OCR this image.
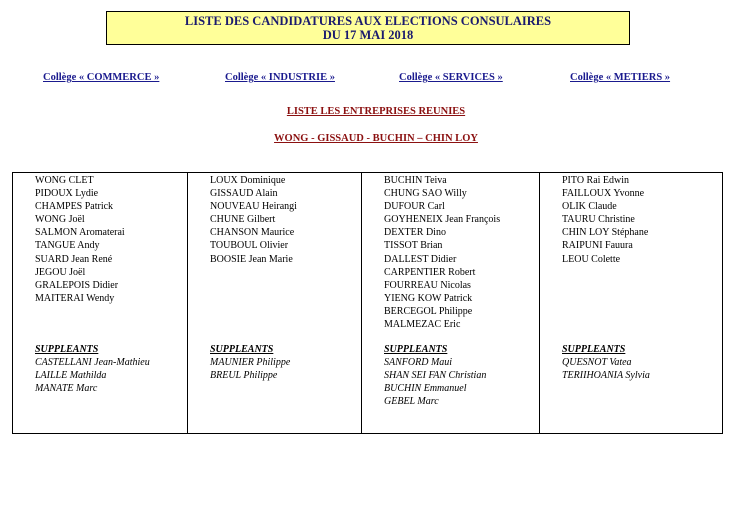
LISTE DES CANDIDATURES AUX ELECTIONS CONSULAIRES
DU 17 MAI 2018
Collège « COMMERCE »	Collège « INDUSTRIE »	Collège « SERVICES »	Collège « METIERS »
LISTE LES ENTREPRISES REUNIES
WONG - GISSAUD - BUCHIN – CHIN LOY
WONG CLET
PIDOUX Lydie
CHAMPES Patrick
WONG Joël
SALMON Aromaterai
TANGUE Andy
SUARD Jean René
JEGOU Joël
GRALEPOIS Didier
MAITERAI Wendy
SUPPLEANTS
CASTELLANI Jean-Mathieu
LAILLE Mathilda
MANATE Marc
LOUX Dominique
GISSAUD Alain
NOUVEAU Heirangi
CHUNE Gilbert
CHANSON Maurice
TOUBOUL Olivier
BOOSIE Jean Marie
SUPPLEANTS
MAUNIER Philippe
BREUL Philippe
BUCHIN Teiva
CHUNG SAO Willy
DUFOUR Carl
GOYHENEIX Jean François
DEXTER Dino
TISSOT Brian
DALLEST Didier
CARPENTIER Robert
FOURREAU Nicolas
YIENG KOW Patrick
BERCEGOL Philippe
MALMEZAC Eric
SUPPLEANTS
SANFORD Maui
SHAN SEI FAN Christian
BUCHIN Emmanuel
GEBEL Marc
PITO Rai Edwin
FAILLOUX Yvonne
OLIK Claude
TAURU Christine
CHIN LOY Stéphane
RAIPUNI Fauura
LEOU Colette
SUPPLEANTS
QUESNOT Vatea
TERIIHOANIA Sylvia
